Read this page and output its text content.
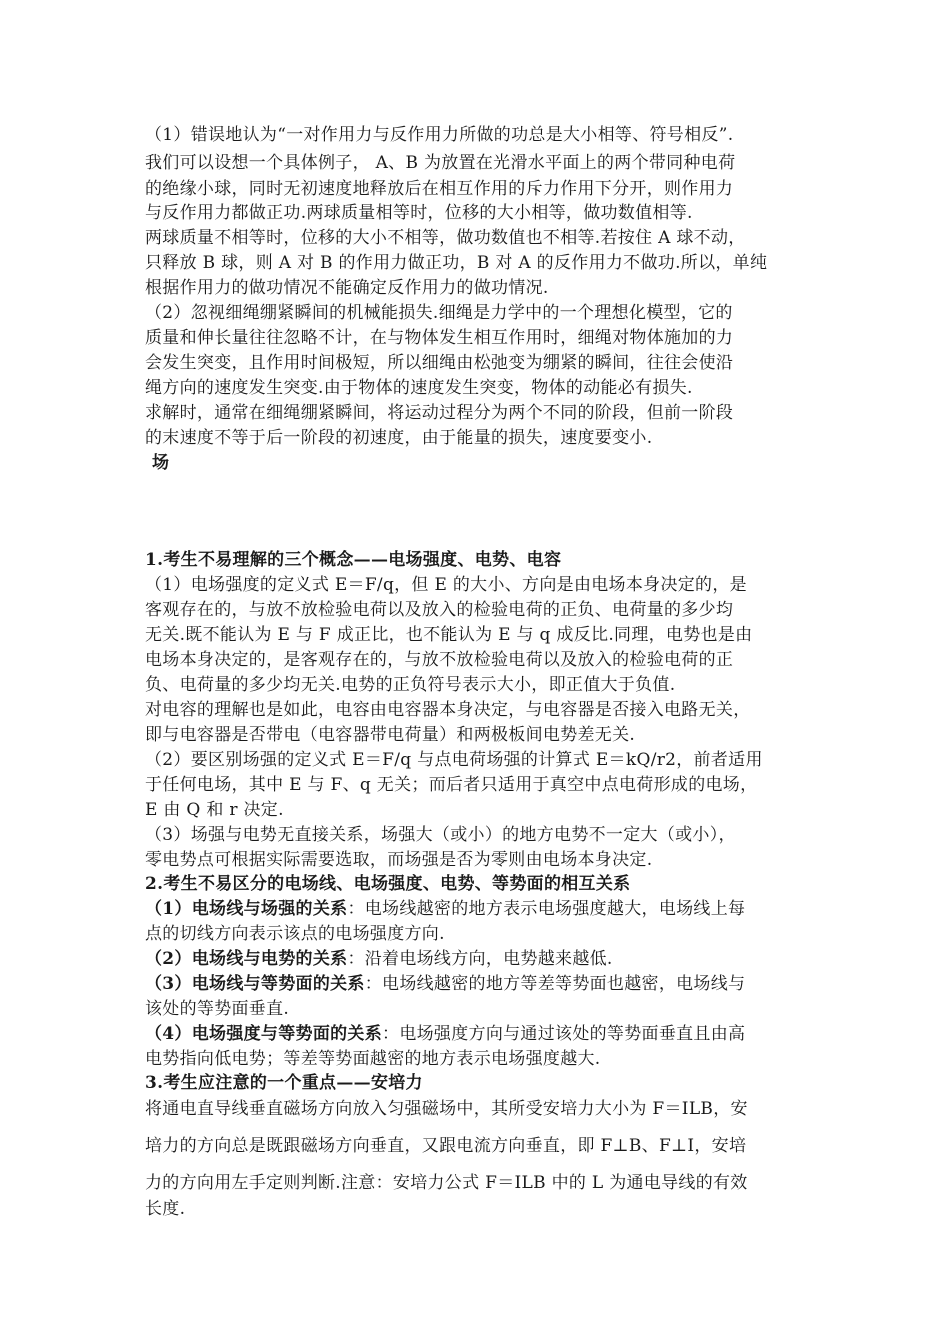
（1）错误地认为“一对作用力与反作用力所做的功总是大小相等、符号相反”.
我们可以设想一个具体例子， A、B 为放置在光滑水平面上的两个带同种电荷
的绝缘小球，同时无初速度地释放后在相互作用的斥力作用下分开，则作用力
与反作用力都做正功.两球质量相等时，位移的大小相等，做功数值相等.
两球质量不相等时，位移的大小不相等，做功数值也不相等.若按住 A 球不动，
只释放 B 球，则 A 对 B 的作用力做正功，B 对 A 的反作用力不做功.所以，单纯
根据作用力的做功情况不能确定反作用力的做功情况.
（2）忽视细绳绷紧瞬间的机械能损失.细绳是力学中的一个理想化模型，它的
质量和伸长量往往忽略不计，在与物体发生相互作用时，细绳对物体施加的力
会发生突变，且作用时间极短，所以细绳由松弛变为绷紧的瞬间，往往会使沿
绳方向的速度发生突变.由于物体的速度发生突变，物体的动能必有损失.
求解时，通常在细绳绷紧瞬间，将运动过程分为两个不同的阶段，但前一阶段
的末速度不等于后一阶段的初速度，由于能量的损失，速度要变小.
场
1.考生不易理解的三个概念——电场强度、电势、电容
（1）电场强度的定义式 E＝F/q，但 E 的大小、方向是由电场本身决定的，是
客观存在的，与放不放检验电荷以及放入的检验电荷的正负、电荷量的多少均
无关.既不能认为 E 与 F 成正比，也不能认为 E 与 q 成反比.同理，电势也是由
电场本身决定的，是客观存在的，与放不放检验电荷以及放入的检验电荷的正
负、电荷量的多少均无关.电势的正负符号表示大小，即正值大于负值.
对电容的理解也是如此，电容由电容器本身决定，与电容器是否接入电路无关，
即与电容器是否带电（电容器带电荷量）和两极板间电势差无关.
（2）要区别场强的定义式 E＝F/q 与点电荷场强的计算式 E＝kQ/r2，前者适用
于任何电场，其中 E 与 F、q 无关；而后者只适用于真空中点电荷形成的电场，
E 由 Q 和 r 决定.
（3）场强与电势无直接关系，场强大（或小）的地方电势不一定大（或小），
零电势点可根据实际需要选取，而场强是否为零则由电场本身决定.
2.考生不易区分的电场线、电场强度、电势、等势面的相互关系
（1）电场线与场强的关系：电场线越密的地方表示电场强度越大，电场线上每
点的切线方向表示该点的电场强度方向.
（2）电场线与电势的关系：沿着电场线方向，电势越来越低.
（3）电场线与等势面的关系：电场线越密的地方等差等势面也越密，电场线与
该处的等势面垂直.
（4）电场强度与等势面的关系：电场强度方向与通过该处的等势面垂直且由高
电势指向低电势；等差等势面越密的地方表示电场强度越大.
3.考生应注意的一个重点——安培力
将通电直导线垂直磁场方向放入匀强磁场中，其所受安培力大小为 F＝ILB，安
培力的方向总是既跟磁场方向垂直，又跟电流方向垂直，即 F⊥B、F⊥I，安培
力的方向用左手定则判断.注意：安培力公式 F＝ILB 中的 L 为通电导线的有效
长度.
